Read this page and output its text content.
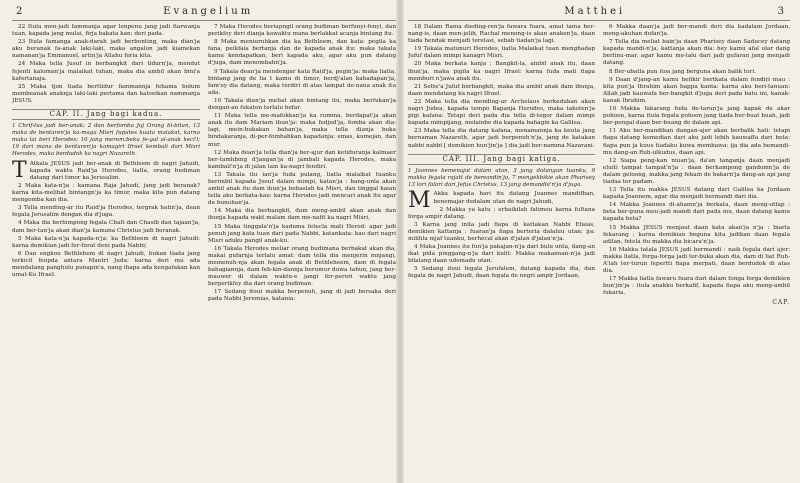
2	Evangelium

22 Itula men-jadi fammanja agar lenpenu jang jadi fiarwanja tuan, kapada jang mulai, firja bakata kan: deri pada.

23 Itula famanga anak-darah jadi berbonting, maka dian'ja aku beranak fa-anak laki-laki, maka angalon jadi kiamekan namanan'ja Emmanuel, artin'ja Allahu foria kita.

24 Maka tella Jusuf in berbangkit dari tidurn'ja, mendut fejenti kaloman'ja malaikat tuhan, maka dia ambil akan bini'a kafertanaja.

25 Maka tjon tiada berttidur fammannja fehama bolum membeanak anaknja laki-laki pertama dan kaloeikan nammanja JESUS.

CAP. II. Jang bagi kadua.
1 Chrif-tus jadi ber-anak; 2 dan berfomba Juj Orang bi-bitan, 13 maka de bentaren'ja ka-maga Misri fuputes kuata maiakat, karna maka lai beri Herodes; 16 jang merem;beku fe-gal al-anak keci'l; 19 dari mana de bentaren'ja kamagiri Ifrael kembali dari Misri Herodes, maka berdudok ka nagri Nazareth.

T Atkala JESUS jadi ber-anak di Bethleem di nagri Jahudi, kapada waktu Raid'ja Herodes, liatla, orang budiman datang dari timor ka Jerusalim.

2 Maka kata-n'ja : kamana Raja Jahudi, jang jadi beranak? karna kita-melihat bintangn'ja ka timor, maka kita pun datang mengomba kan dia.

3 Tella mending-ar itu Raid'ja Herodes, tergrak hatin'ja, dean fegala Jerusalim dengan dia d'juga.

4 Maka dia berhimpong fegala Chalt dan Chasib dan tajaan'ja, dam ber-tan'ja akan dian'ja kamana Christus jadi beranak.

5 Maka kata-n'ja kapada-n'ja: ka Bethleem di nagri Jahudi: karna demikian jadi fer-furat deni pada Nabbi;

6 Dan engkou Bethlehem di nagri Jahudi, bukan tiada jang terkicil feopda antara Mantri Juda: karna deri mu ada mendatang panghulu punapin'a, nang ihapa ada kengafakan kan umat-Ku Ifrael.

7 Maka Herodes beriapngil orang budiman berfunyi-fenyi, dan perikfey deri dianja kawaktu mana berlakkat acanja bintang itu.

8 Maka meniuruhkan dia ka Bethleem, dan kata: pegila ka fana, peikfala bertanja dan de kapada anak itu: maka takala kamu kendapatkan, beri kapada aku, agar aku pun datang d'juga, dam menombahn'ja.

9 Takala dean'ja mendengar kata Raid'ja, pegin'ja: maka liatla, bintang jang de lia t kamu di timor, berdj'alan kahadapan'ja, fam'ey dia datang, maka terdiri di atas tampat de-nana anak itu ada.

10 Takala dian'ja meliat akan bintang itu, maka berfukan'ja dengan-an fukaton terlalu befar.

11 Maka tella me-mafokkan'ja ka rumma, berdapat'ja akan anak itu dam Mariam ibun'ja: maka fedjud'ja, fomba akan dia: lagi, mein-bukakan bahan'ja, maka tella dianja buka bindakaranja, di-per-fombahkan kapadanja: emas, kumejan, dan mur.

12 Maka dean'ja tella dian'ja ber-ajur dan ketiduranja kalmaer ber-tamhbing d'jangan'ja di jambali kapada Herodes, maka kambali'n'ja di jalan lain ka-nagri fendiri.

13 Takala itu ian'ja fuda pulang, liatla malaikat tuanku berimbil kapada Jusuf dalam mimpi, katan'ja : bang-unla akan ambil anak itu dam ibun'ja bebaslah ka Misri, dan tinggal kaian tella aku berkata-kau: karna Herodes jadi mencari anak itu agar de bunohan'ja.

14 Maka dia berbangkit, dam meng-ambil akan anak dan ibunja kapada wakt malam dam me-nafit ka nagri Misri,

15 Maka tinggala'n'ja kaduma fetecla mati Herod: agar jadi penuh jang kata tuan dari pada Nabbi, katankata: kau dari nagri Misri aduku pangil anak-ku.

16 Takala Herodes meliar orang budimana berbakat akan dia, makai gufarnja terlalu amat: dam tella dia menjerin mnjangi, memenuh-nja akan fegala anak di Bethleheem, dam di fegala bahagiannja, dam feb-kin-dannja berumur duwa tahun, jang ber-mauwer di dalam waktu-e jangi fer-pereri waktu jang berperikfey dia dari orang budiman.

17 Sedang itoui makka berpenuh, jang di jadi bersaka deri pada Nabbi Jeremias, katania:

Matthei	3

18 Dalam Rama dieding-ren'ja fawara fuara, amat tama ber-nang-is, daan men-jelih, Rachal menong-is akan anaken'ja, daan tiada hendak menjadi terelasi, sebab tiadan'ja lagi.

19 Takala matunuri Herodes, liatla Malaikat tuan menghadap Jufuf dalam mimpi kanagri Misri.

20 Maka berkata kanja : Bangkit-la, ambil anak itu, daan ibun'ja, maka pigila ka nagri Ifrael: karna fuda mati fiapa memburi n'jawa anak itu.

21 Sette'a Jufuf berbangkit, maka dia ambil anak dam ibunja, daan mendatang ka nagri Ifrael.

22 Maka tella dia mending-ar Archelaus berkedukan akan nagri Judea, kapada tempo Bapanja Herodes, maka takoten'ja pigi kafana: Tetapi deri pada dia tella di-tegor dalam mimpi kapada mimpijang, melainbe dia kapada bahagin ka Galilea.

23 Maka tella dia datang kafana, menamannja ka kouta jang bernaman Nazareth, agar jadi berpenuh'n'ja, jang de katakan nabbi nabbi [ demikien hun'jin'ja ] dia jadi ber-namma Nazarani.

CAP. III. Jang bagi katiga.
1 Joannes bemenajat dalam utan, 3 jang datangan tuanku, 9 makka fegala rajatt de bemandin'ja, 7 mengekbikie akan Pharisey 13 lori falori dari Jefus Christus, 13 jang demandia'n'ja d'juga.

M Akka kapada hari itu datang Joannes mandifhan, benemajar dedalam utan de nagri Jahudi,

2 Makka ya katu : erbaikilah fatimou karna fultana forga ampir datang.

3 Karna jang inila jadi fiapa di kattakan Nabbi Efaias, demikien kattanja : fuaran'ja fiapa berteria dalaluu utan: ija: milihla mjaf tuanku, berhecal akan d'jalan d'jalan'n'ja.

4 Maka Joannes itu fun'ja pakajan-n'ja dari bulu unta, dang-an ikat pida pinggang-n'ja dari kulit: Makka makannan-n'ja jadi bilalang daan udemadu utan.

5 Sedang itoui fegala Jerufalem, datang kapada dia, dan fegala de nagri Jahudi, daan fegala de negri ampir Jordaan,

6 Makka daan'ja jadi ber-mandi deri dia kadalam Jordaan, meng-akuhan dofan'ja.

7 Tella dia meliat bain'ja daan Pharisey daan Saducey datang kapada mandi-n'ja, kattanja akan dia: hey kamu afal ular dang berlinu-mar, agar kamu me-lalu dari jadi gufaran jang menjadi datang.

8 Ber-ubatla pun itoa jang berguna akan balik tori.

9 Daan d'jang-an kamu befikir bertkata dalam fendiri mau : kita pun'ja Ibrahim akan bappa kanta: karna aku beri-tanuan: Allah jadi kauwafa ber-bangkit d'juga deri pada batu ini, kanak-kanak Ibrahim.

10 Makka fakarang fuda de-tarun'ja jang kapak de akar pohoon, karna itula fegala pohoon jang tiada ber-buat buah, jadi ber-pengal daan ber-buang de dalam api.

11 Aku ber-mandikan dangan-ajer akan berbalik hati: tetapi fiapa datang komedian dari aku jadi lebih kauwaffa dari beta: fiapa pun ja kuus tiadaku kuwa membawa: ija dia ada bemandi-mu dang-an Ruh-ulkudus, daan api.

12 Siapa peng-kan niuan'ja, da'an tanganja daan menjadi eluiti tampat tampat'n'ja : daan berkampong gandomn'ja de dalam geloong, makka jang fekam de bakarn'ja dang-an api jang tiadaa ter padam.

13 Tella itu makka JESUS datang dari Galilea ka Jordaan kapada Joannem, agar dia menjadi bermandi dari dia.

14 Makka Joannes di-ahamn'ja berkata, daan meng-utfap : beta ber-guna meu-jadi mandi dari pada mu, daan datang kamu kapada beta?

15 Makka JESUS menjaut daan kata akan'ja n'ja : biarla fekarang : karna demikian beguna kita jadikan daan fegala adilan, fetela itu makka dia bicara'n'ja.

16 Makka tatala JESUS jadi bermandi : naik fegala dari ajer: makka liatla, forga-forga jadi ter-buka akan dia, dam di liat Ruh-A'lah ter-turun fepertti fiapa merpati, daan berdudok di atas dia.

17 Makka liatla fawaru fuara dari dalam fonga forga demikien bun'jin'ja : itula anakku berkafif, kapada fiapa aku meng-ambil fukaria.

CAP.
